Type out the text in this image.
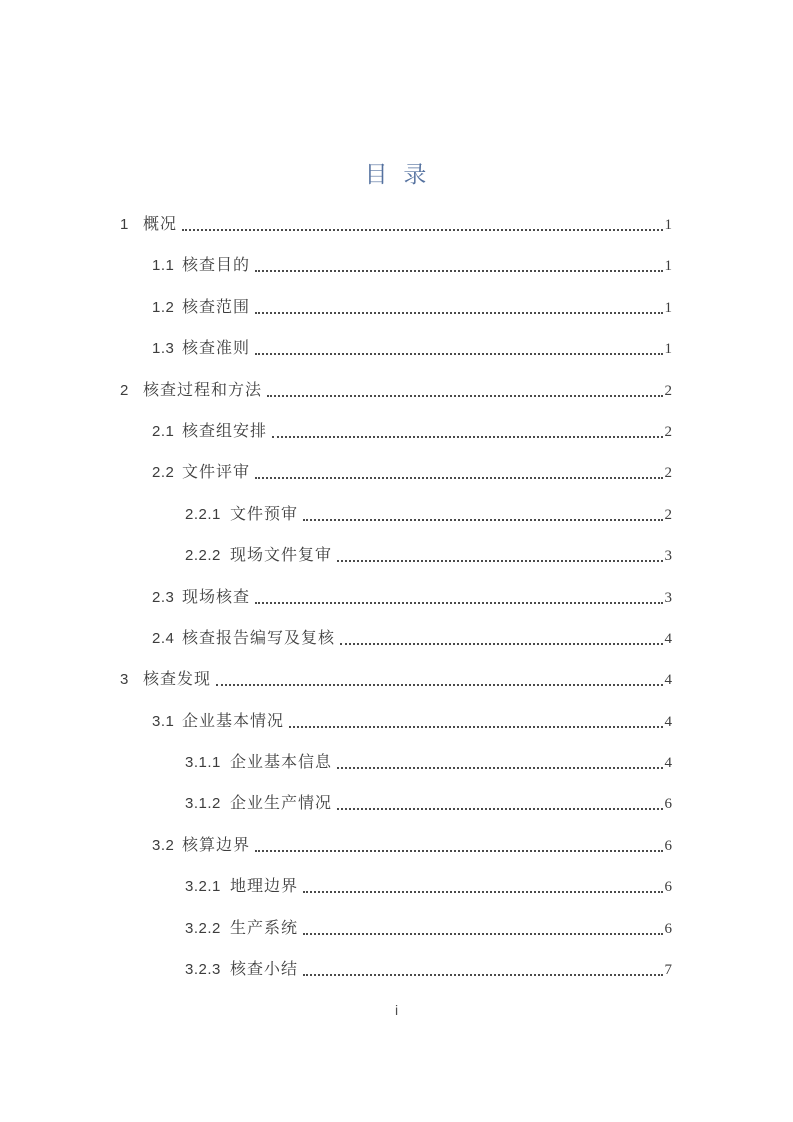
目  录
1 概况	1
1.1 核查目的	1
1.2 核查范围	1
1.3 核查准则	1
2 核查过程和方法	2
2.1 核查组安排	2
2.2 文件评审	2
2.2.1 文件预审	2
2.2.2 现场文件复审	3
2.3 现场核查	3
2.4 核查报告编写及复核	4
3 核查发现	4
3.1 企业基本情况	4
3.1.1 企业基本信息	4
3.1.2 企业生产情况	6
3.2 核算边界	6
3.2.1 地理边界	6
3.2.2 生产系统	6
3.2.3 核查小结	7
i
